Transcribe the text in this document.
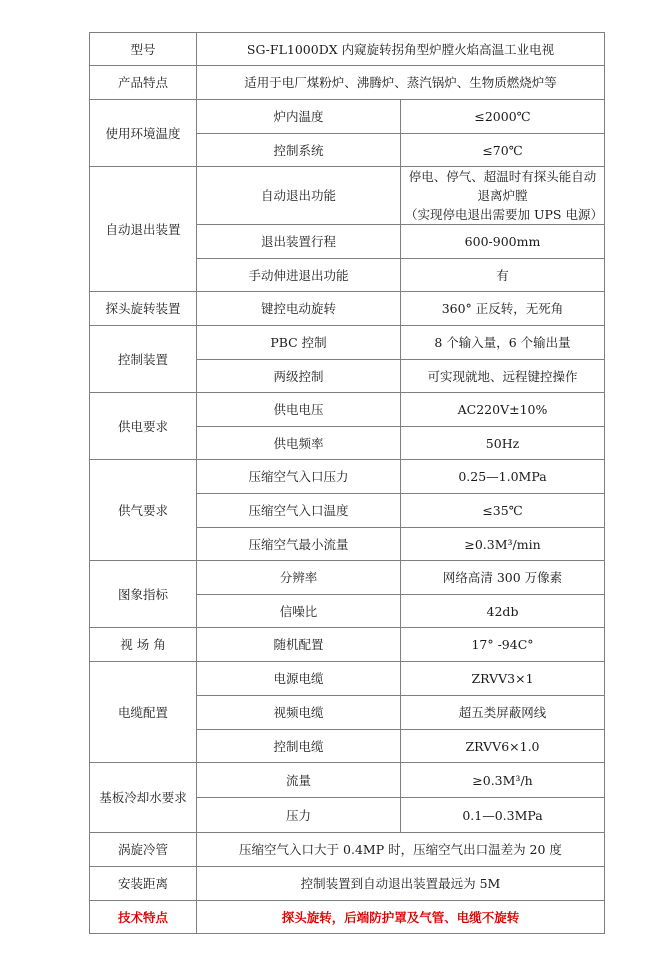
型号	SG-FL1000DX 内窥旋转拐角型炉膛火焰高温工业电视	
产品特点	适用于电厂煤粉炉、沸腾炉、蒸汽锅炉、生物质燃烧炉等	
使用环境温度	炉内温度	≤2000℃
	控制系统	≤70℃
自动退出装置	自动退出功能	停电、停气、超温时有探头能自动退离炉膛
（实现停电退出需要加 UPS 电源）

	退出装置行程	600-900mm
	手动伸进退出功能	有
探头旋转装置	键控电动旋转	360° 正反转，无死角
控制装置	PBC 控制	8 个输入量，6 个输出量
	两级控制	可实现就地、远程键控操作
供电要求	供电电压	AC220V±10%
	供电频率	50Hz
供气要求	压缩空气入口压力	0.25—1.0MPa
	压缩空气入口温度	≤35℃
	压缩空气最小流量	≥0.3M³/min
图象指标	分辨率	网络高清 300 万像素
	信噪比	42db
视 场 角	随机配置	17° -94C°
电缆配置	电源电缆	ZRVV3×1
	视频电缆	超五类屏蔽网线
	控制电缆	ZRVV6×1.0
基板冷却水要求	流量	≥0.3M³/h
	压力	0.1—0.3MPa
涡旋冷管	压缩空气入口大于 0.4MP 时，压缩空气出口温差为 20 度	
安装距离	控制装置到自动退出装置最远为 5M	
技术特点	探头旋转，后端防护罩及气管、电缆不旋转	
